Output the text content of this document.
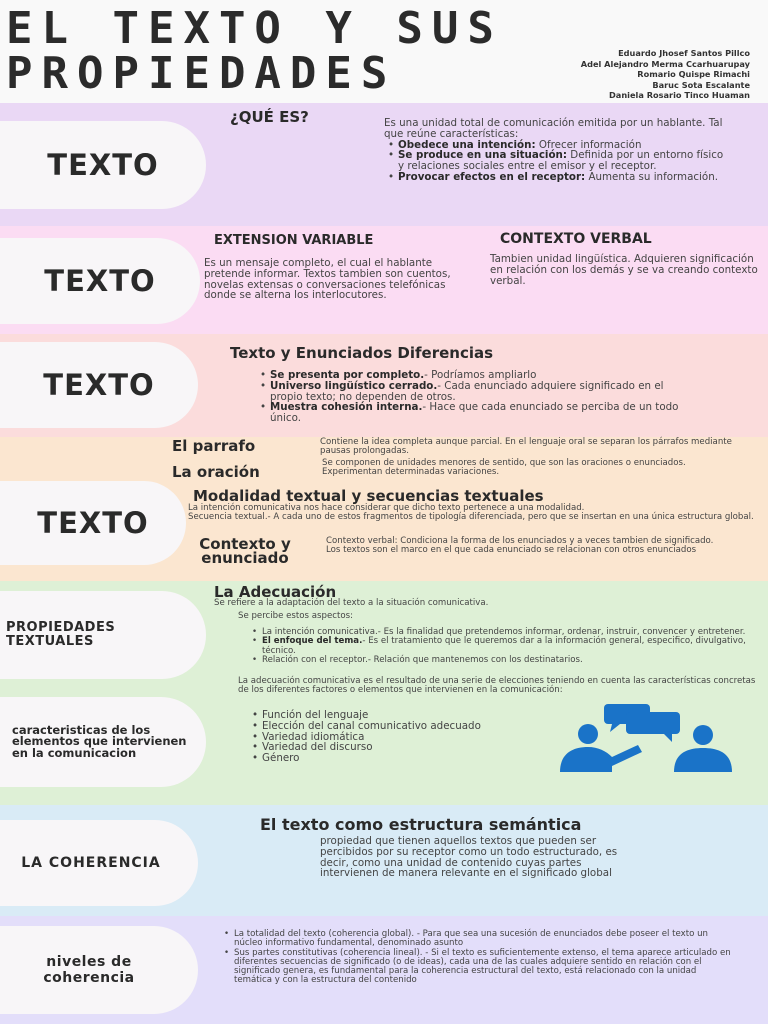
EL TEXTO Y SUS
PROPIEDADES	Eduardo Jhosef Santos Pillco
Adel Alejandro Merma Ccarhuarupay
Romario Quispe Rimachi
Baruc Sota Escalante
Daniela Rosario Tinco Huaman
TEXTO
¿QUÉ ES?	Es una unidad total de comunicación emitida por un hablante. Tal que reúne características:
• Obedece una intención: Ofrecer información
• Se produce en una situación: Definida por un entorno físico y relaciones sociales entre el emisor y el receptor.
• Provocar efectos en el receptor: Aumenta su información.
TEXTO
EXTENSION VARIABLE
Es un mensaje completo, el cual el hablante pretende informar. Textos tambien son cuentos, novelas extensas o conversaciones telefónicas donde se alterna los interlocutores.
CONTEXTO VERBAL
Tambien unidad lingüística. Adquieren significación en relación con los demás y se va creando contexto verbal.
TEXTO
Texto y Enunciados Diferencias
• Se presenta por completo.- Podríamos ampliarlo
• Universo lingüístico cerrado.- Cada enunciado adquiere significado en el propio texto; no dependen de otros.
• Muestra cohesión interna.- Hace que cada enunciado se perciba de un todo único.
TEXTO
El parrafo	Contiene la idea completa aunque parcial. En el lenguaje oral se separan los párrafos mediante pausas prolongadas.
La oración	Se componen de unidades menores de sentido, que son las oraciones o enunciados. Experimentan determinadas variaciones.
Modalidad textual y secuencias textuales
La intención comunicativa nos hace considerar que dicho texto pertenece a una modalidad.
Secuencia textual.- A cada uno de estos fragmentos de tipología diferenciada, pero que se insertan en una única estructura global.
Contexto y enunciado
Contexto verbal: Condiciona la forma de los enunciados y a veces tambien de significado.
Los textos son el marco en el que cada enunciado se relacionan con otros enunciados
PROPIEDADES TEXTUALES
caracteristicas de los elementos que intervienen en la comunicacion
La Adecuación
Se refiere a la adaptación del texto a la situación comunicativa.
Se percibe estos aspectos:
• La intención comunicativa.- Es la finalidad que pretendemos informar, ordenar, instruir, convencer y entretener.
• El enfoque del tema.- Es el tratamiento que le queremos dar a la información general, especifico, divulgativo, técnico.
• Relación con el receptor.- Relación que mantenemos con los destinatarios.
La adecuación comunicativa es el resultado de una serie de elecciones teniendo en cuenta las características concretas de los diferentes factores o elementos que intervienen en la comunicación:
• Función del lenguaje
• Elección del canal comunicativo adecuado
• Variedad idiomática
• Variedad del discurso
• Género
LA COHERENCIA
El texto como estructura semántica
propiedad que tienen aquellos textos que pueden ser percibidos por su receptor como un todo estructurado, es decir, como una unidad de contenido cuyas partes intervienen de manera relevante en el significado global
niveles de coherencia
• La totalidad del texto (coherencia global). - Para que sea una sucesión de enunciados debe poseer el texto un núcleo informativo fundamental, denominado asunto
• Sus partes constitutivas (coherencia lineal). - Si el texto es suficientemente extenso, el tema aparece articulado en diferentes secuencias de significado (o de ideas), cada una de las cuales adquiere sentido en relación con el significado genera, es fundamental para la coherencia estructural del texto, está relacionado con la unidad temática y con la estructura del contenido
